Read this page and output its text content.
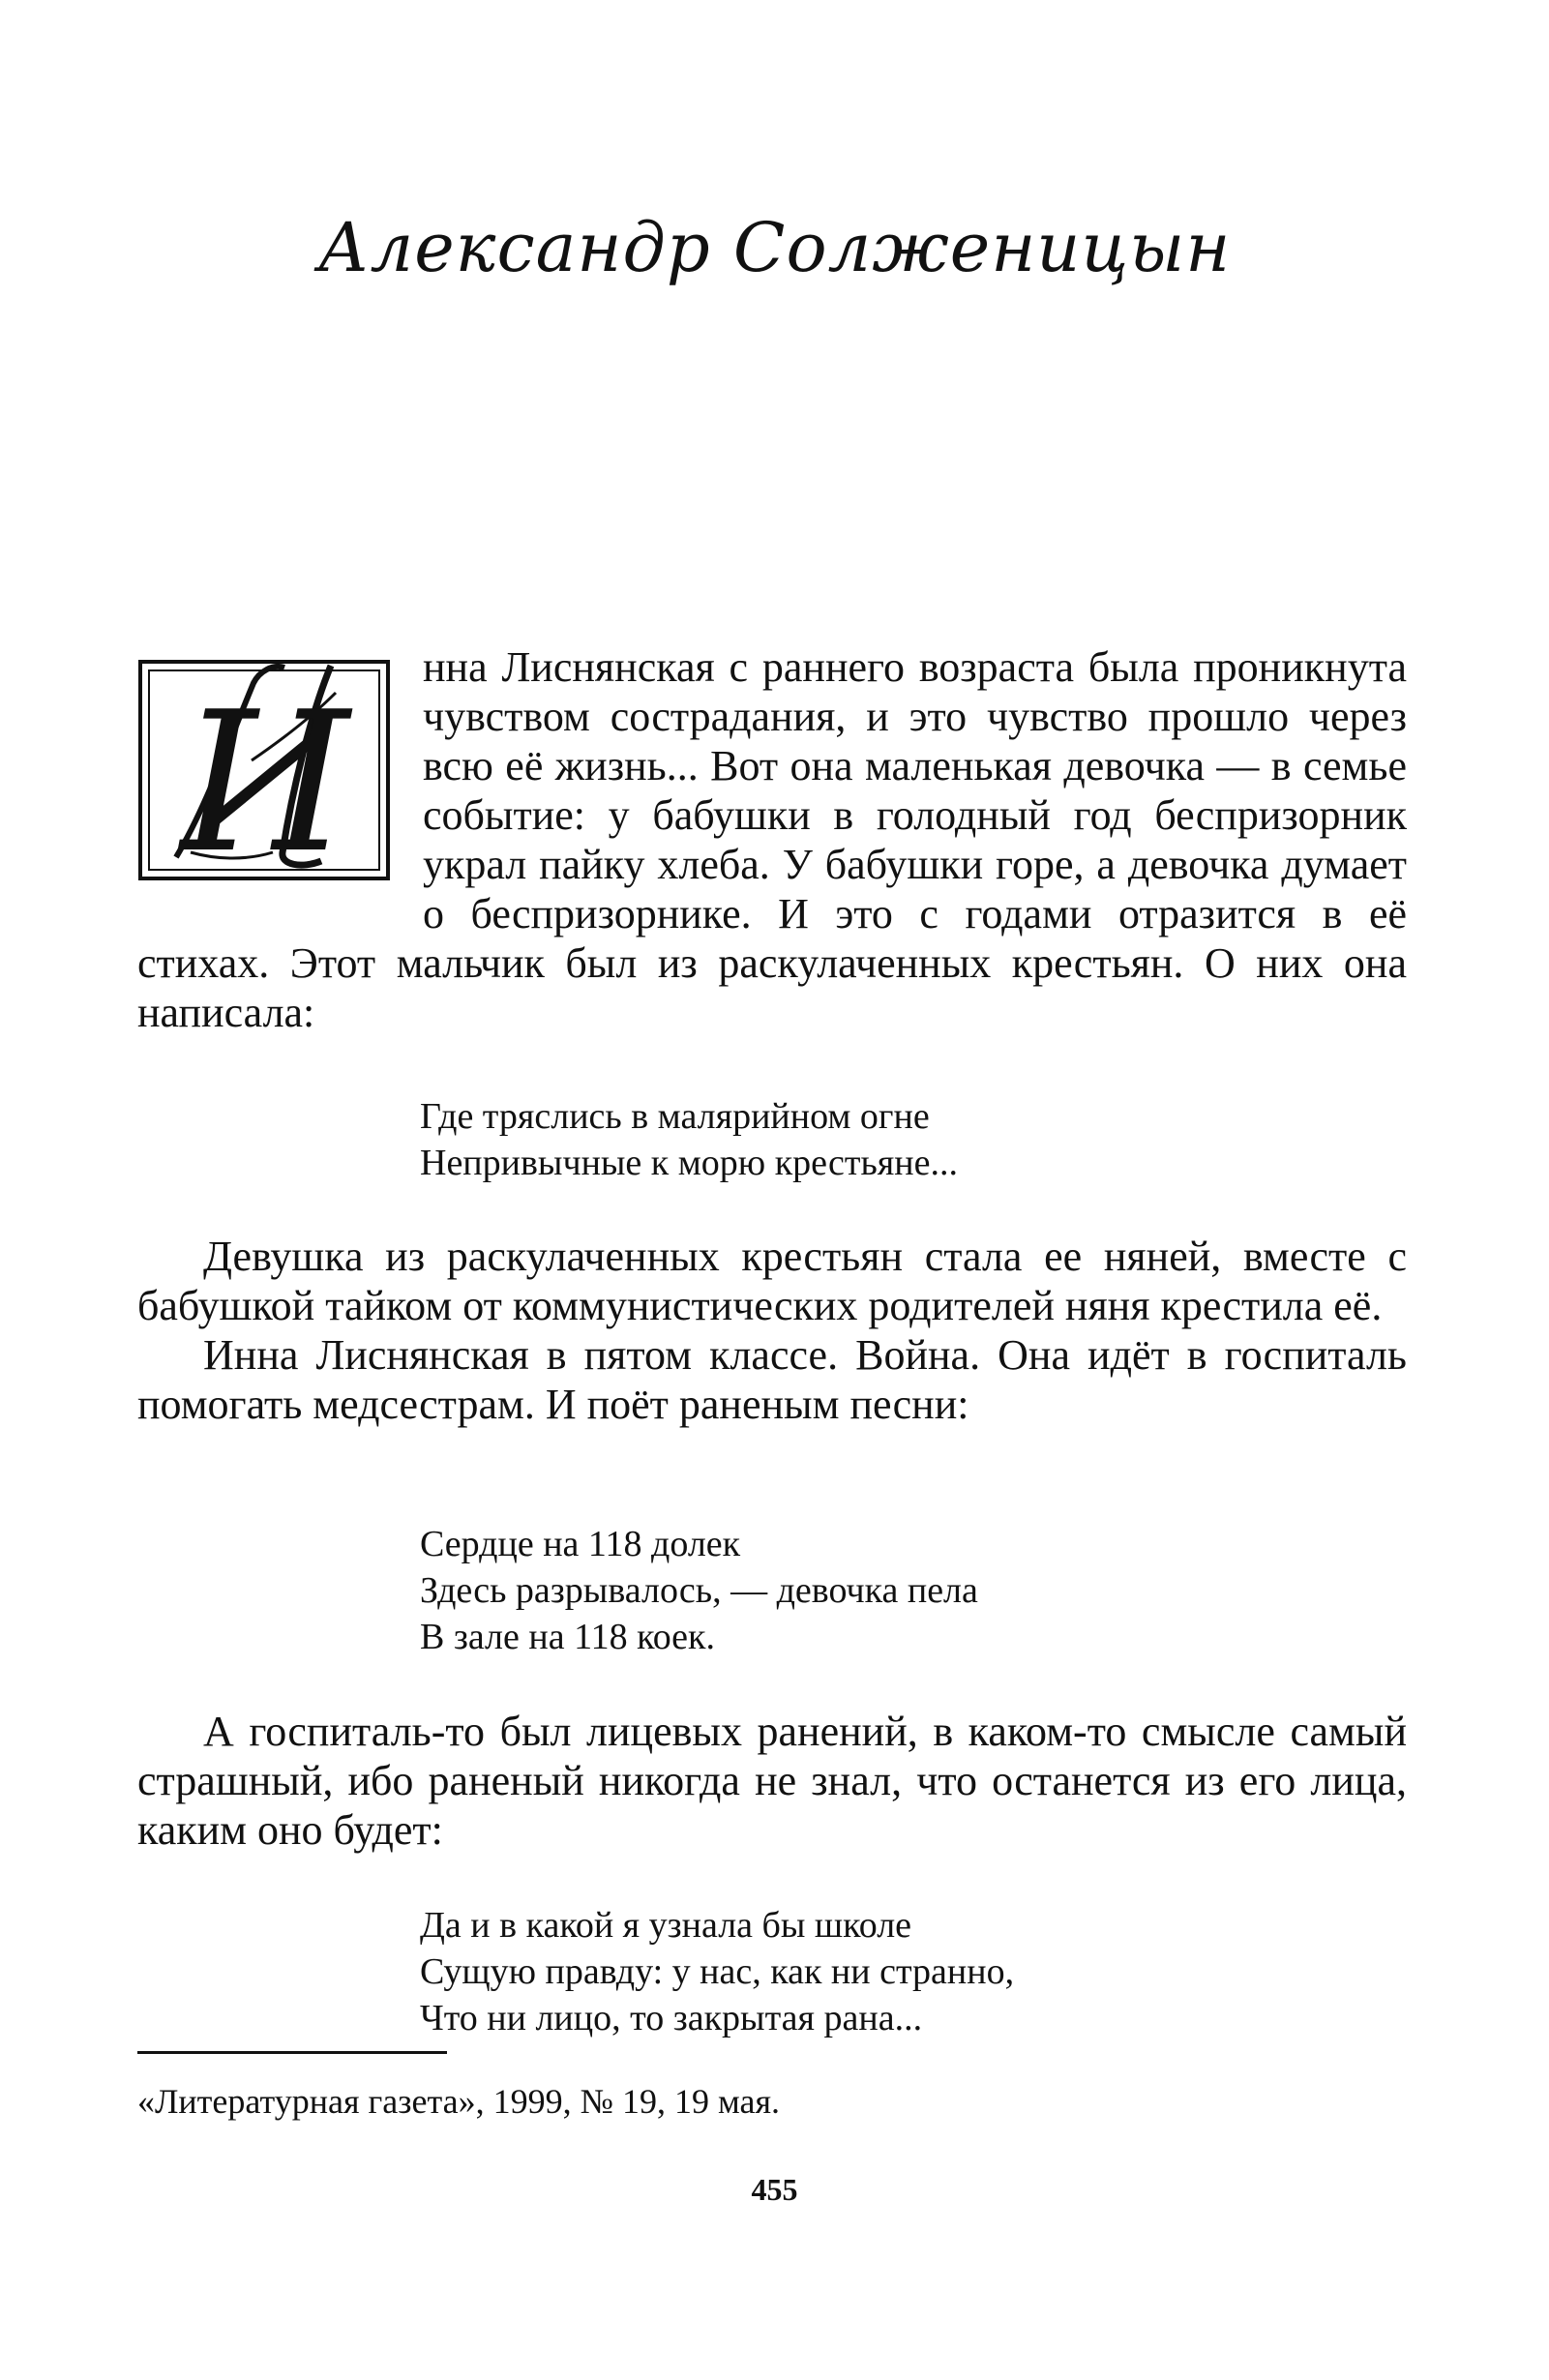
Александр Солженицын
И
нна Лиснянская с раннего возраста была проникнута чувством сострадания, и это чувство прошло через всю её жизнь... Вот она маленькая девочка — в семье событие: у бабушки в голодный год беспризорник украл пайку хлеба. У бабушки горе, а девочка думает о беспризорнике. И это с годами отразится в её стихах. Этот мальчик был из раскулаченных крестьян. О них она написала:
Где тряслись в малярийном огне
Непривычные к морю крестьяне...

Девушка из раскулаченных крестьян стала ее няней, вместе с бабушкой тайком от коммунистических родителей няня крестила её.

Инна Лиснянская в пятом классе. Война. Она идёт в госпиталь помогать медсестрам. И поёт раненым песни:

Сердце на 118 долек
Здесь разрывалось, — девочка пела
В зале на 118 коек.

А госпиталь-то был лицевых ранений, в каком-то смысле самый страшный, ибо раненый никогда не знал, что останется из его лица, каким оно будет:

Да и в какой я узнала бы школе
Сущую правду: у нас, как ни странно,
Что ни лицо, то закрытая рана...
«Литературная газета», 1999, № 19, 19 мая.
455
